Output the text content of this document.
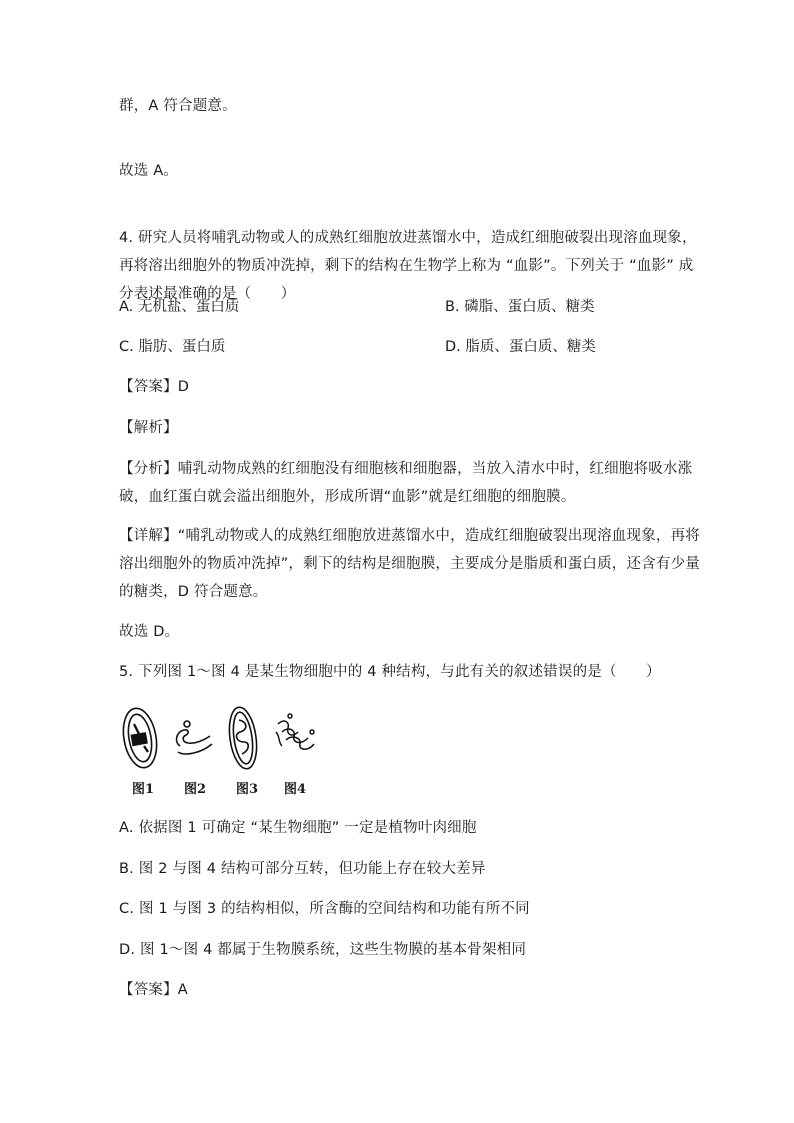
群，A 符合题意。
故选 A。
4. 研究人员将哺乳动物或人的成熟红细胞放进蒸馏水中，造成红细胞破裂出现溶血现象，
再将溶出细胞外的物质冲洗掉，剩下的结构在生物学上称为 “血影”。下列关于 “血影” 成
分表述最准确的是（　　）
A. 无机盐、蛋白质	B. 磷脂、蛋白质、糖类
C. 脂肪、蛋白质	D. 脂质、蛋白质、糖类
【答案】D
【解析】
【分析】哺乳动物成熟的红细胞没有细胞核和细胞器，当放入清水中时，红细胞将吸水涨
破，血红蛋白就会溢出细胞外，形成所谓“血影”就是红细胞的细胞膜。
【详解】“哺乳动物或人的成熟红细胞放进蒸馏水中，造成红细胞破裂出现溶血现象，再将
溶出细胞外的物质冲洗掉”，剩下的结构是细胞膜，主要成分是脂质和蛋白质，还含有少量
的糖类，D 符合题意。
故选 D。
5. 下列图 1～图 4 是某生物细胞中的 4 种结构，与此有关的叙述错误的是（　　）
图1 图2 图3 图4
A. 依据图 1 可确定 “某生物细胞” 一定是植物叶肉细胞
B. 图 2 与图 4 结构可部分互转，但功能上存在较大差异
C. 图 1 与图 3 的结构相似，所含酶的空间结构和功能有所不同
D. 图 1～图 4 都属于生物膜系统，这些生物膜的基本骨架相同
【答案】A
